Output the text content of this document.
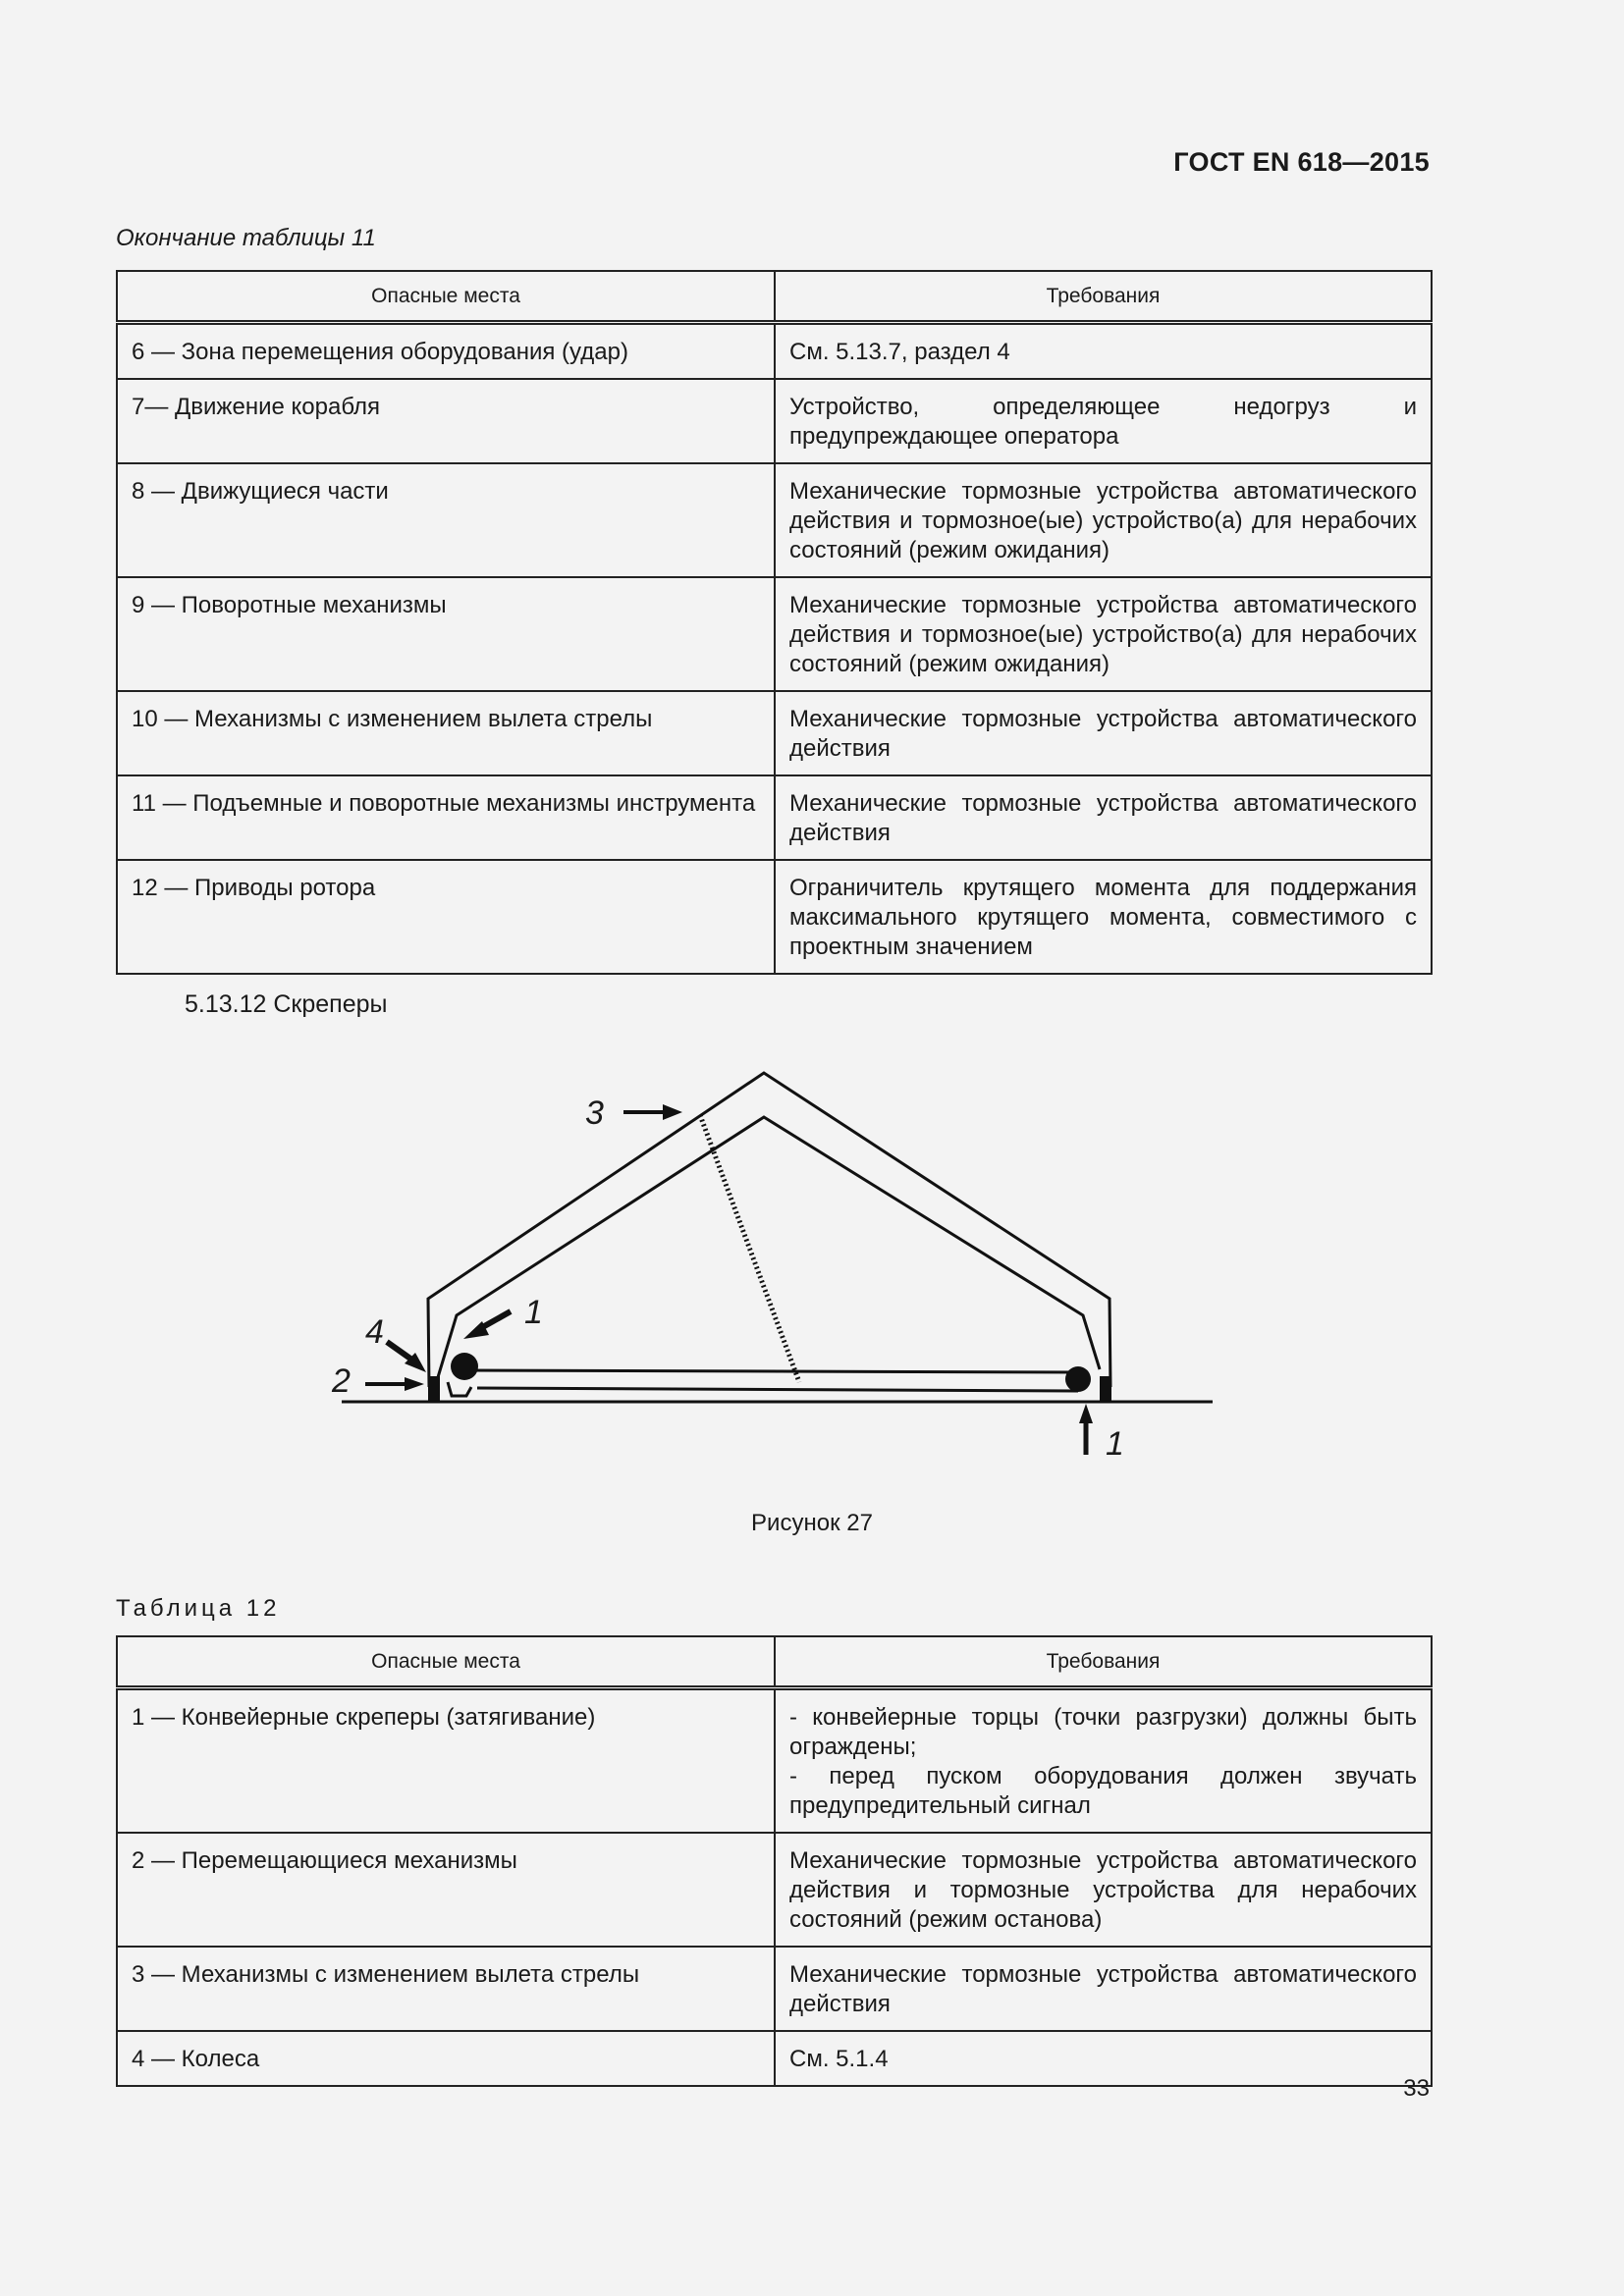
ГОСТ EN 618—2015
Окончание таблицы 11
Опасные места	Требования
6 — Зона перемещения оборудования (удар)	См. 5.13.7, раздел 4
7— Движение корабля	Устройство, определяющее недогруз и предупреждающее оператора
8 — Движущиеся части	Механические тормозные устройства автоматического действия и тормозное(ые) устройство(а) для нерабочих состояний (режим ожидания)
9 — Поворотные механизмы	Механические тормозные устройства автоматического действия и тормозное(ые) устройство(а) для нерабочих состояний (режим ожидания)
10 — Механизмы с изменением вылета стрелы	Механические тормозные устройства автоматического действия
11 — Подъемные и поворотные механизмы инструмента	Механические тормозные устройства автоматического действия
12 — Приводы ротора	Ограничитель крутящего момента для поддержания максимального крутящего момента, совместимого с проектным значением
5.13.12 Скреперы
3
4
2
1
1
Рисунок 27
Таблица 12
Опасные места	Требования
1 — Конвейерные скреперы (затягивание)	- конвейерные торцы (точки разгрузки) должны быть ограждены;
- перед пуском оборудования должен звучать предупредительный сигнал
2 — Перемещающиеся механизмы	Механические тормозные устройства автоматического действия и тормозные устройства для нерабочих состояний (режим останова)
3 — Механизмы с изменением вылета стрелы	Механические тормозные устройства автоматического действия
4 — Колеса	См. 5.1.4
33
